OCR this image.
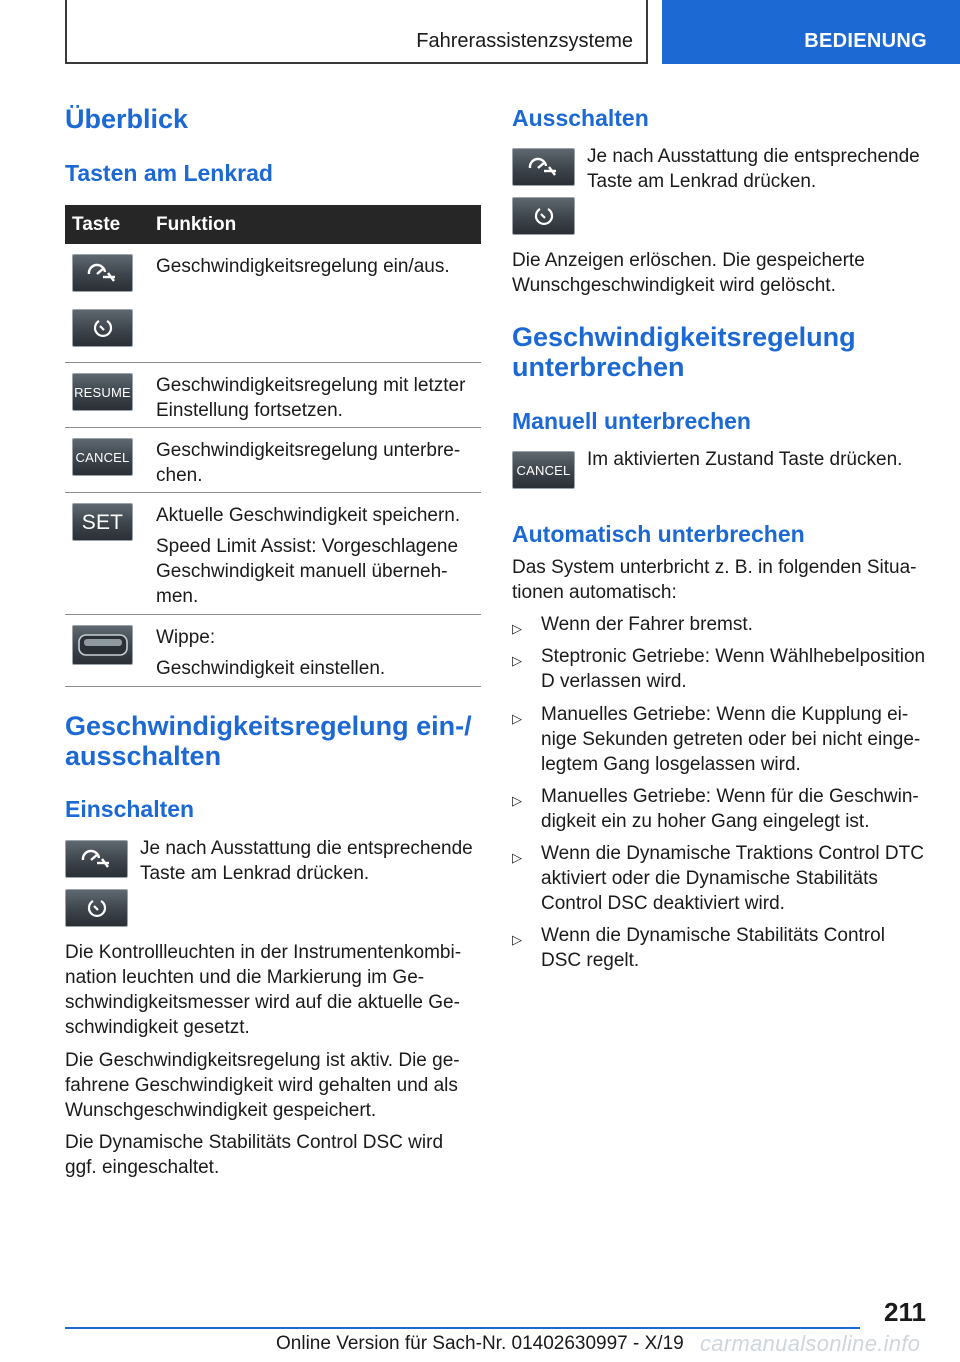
Fahrerassistenzsysteme	BEDIENUNG
Überblick
Tasten am Lenkrad
Taste	Funktion

Geschwindigkeitsregelung ein/aus.

RESUME	Geschwindigkeitsregelung mit letzter Einstellung fortsetzen.

CANCEL	Geschwindigkeitsregelung unterbrechen.

SET	Aktuelle Geschwindigkeit speichern.
Speed Limit Assist: Vorgeschlagene Geschwindigkeit manuell übernehmen.

Wippe:
Geschwindigkeit einstellen.
Geschwindigkeitsregelung ein-/
ausschalten
Einschalten
Je nach Ausstattung die entsprechende
Taste am Lenkrad drücken.

Die Kontrollleuchten in der Instrumentenkombination leuchten und die Markierung im Geschwindigkeitsmesser wird auf die aktuelle Geschwindigkeit gesetzt.

Die Geschwindigkeitsregelung ist aktiv. Die gefahrene Geschwindigkeit wird gehalten und als Wunschgeschwindigkeit gespeichert.

Die Dynamische Stabilitäts Control DSC wird ggf. eingeschaltet.

Ausschalten
Je nach Ausstattung die entsprechende
Taste am Lenkrad drücken.

Die Anzeigen erlöschen. Die gespeicherte Wunschgeschwindigkeit wird gelöscht.

Geschwindigkeitsregelung
unterbrechen
Manuell unterbrechen
CANCEL Im aktivierten Zustand Taste drücken.
Automatisch unterbrechen

Das System unterbricht z. B. in folgenden Situationen automatisch:

▷ Wenn der Fahrer bremst.
▷ Steptronic Getriebe: Wenn Wählhebelposition D verlassen wird.
▷ Manuelles Getriebe: Wenn die Kupplung einige Sekunden getreten oder bei nicht eingelegtem Gang losgelassen wird.
▷ Manuelles Getriebe: Wenn für die Geschwindigkeit ein zu hoher Gang eingelegt ist.
▷ Wenn die Dynamische Traktions Control DTC aktiviert oder die Dynamische Stabilitäts Control DSC deaktiviert wird.
▷ Wenn die Dynamische Stabilitäts Control DSC regelt.
211
Online Version für Sach-Nr. 01402630997 - X/19 carmanualsonline.info
